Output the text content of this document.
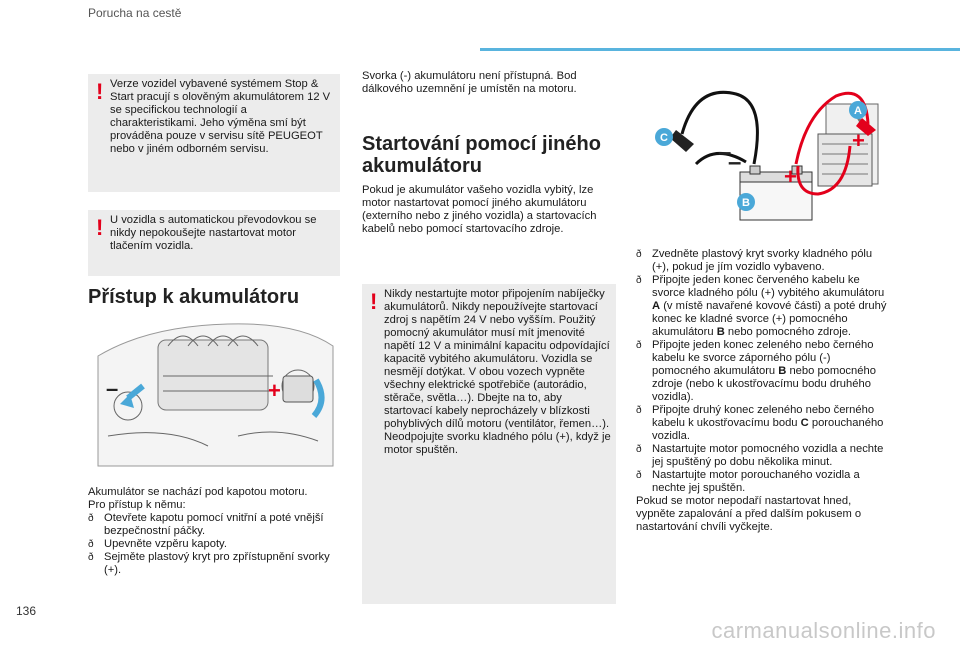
Porucha na cestě
! Verze vozidel vybavené systémem Stop & Start pracují s olověným akumulátorem 12 V se specifickou technologií a charakteristikami. Jeho výměna smí být prováděna pouze v servisu sítě PEUGEOT nebo v jiném odborném servisu.
! U vozidla s automatickou převodovkou se nikdy nepokoušejte nastartovat motor tlačením vozidla.
Přístup k akumulátoru
–	+
Akumulátor se nachází pod kapotou motoru.
Pro přístup k němu:
ð Otevřete kapotu pomocí vnitřní a poté vnější bezpečnostní páčky.
ð Upevněte vzpěru kapoty.
ð Sejměte plastový kryt pro zpřístupnění svorky (+).
Svorka (-) akumulátoru není přístupná. Bod dálkového uzemnění je umístěn na motoru.
Startování pomocí jiného akumulátoru
Pokud je akumulátor vašeho vozidla vybitý, lze motor nastartovat pomocí jiného akumulátoru (externího nebo z jiného vozidla) a startovacích kabelů nebo pomocí startovacího zdroje.
! Nikdy nestartujte motor připojením nabíječky akumulátorů. Nikdy nepoužívejte startovací zdroj s napětím 24 V nebo vyšším. Použitý pomocný akumulátor musí mít jmenovité napětí 12 V a minimální kapacitu odpovídající kapacitě vybitého akumulátoru. Vozidla se nesmějí dotýkat. V obou vozech vypněte všechny elektrické spotřebiče (autorádio, stěrače, světla…). Dbejte na to, aby startovací kabely neprocházely v blízkosti pohyblivých dílů motoru (ventilátor, řemen…). Neodpojujte svorku kladného pólu (+), když je motor spuštěn.
–
–
+
+
C
A
B
ð Zvedněte plastový kryt svorky kladného pólu (+), pokud je jím vozidlo vybaveno.
ð Připojte jeden konec červeného kabelu ke svorce kladného pólu (+) vybitého akumulátoru A (v místě navařené kovové části) a poté druhý konec ke kladné svorce (+) pomocného akumulátoru B nebo pomocného zdroje.
ð Připojte jeden konec zeleného nebo černého kabelu ke svorce záporného pólu (-) pomocného akumulátoru B nebo pomocného zdroje (nebo k ukostřovacímu bodu druhého vozidla).
ð Připojte druhý konec zeleného nebo černého kabelu k ukostřovacímu bodu C porouchaného vozidla.
ð Nastartujte motor pomocného vozidla a nechte jej spuštěný po dobu několika minut.
ð Nastartujte motor porouchaného vozidla a nechte jej spuštěn.
Pokud se motor nepodaří nastartovat hned, vypněte zapalování a před dalším pokusem o nastartování chvíli vyčkejte.
136
carmanualsonline.info
